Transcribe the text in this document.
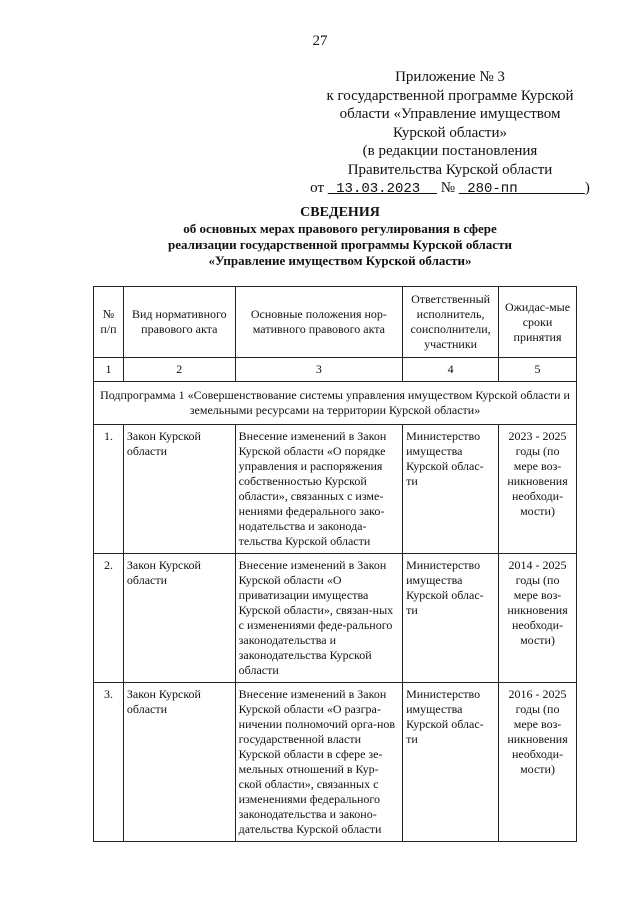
27
Приложение № 3
к государственной программе Курской
области «Управление имуществом
Курской области»
(в редакции постановления
Правительства Курской области
от 13.03.2023 № 280-пп	)
СВЕДЕНИЯ
об основных мерах правового регулирования в сфере
реализации государственной программы Курской области
«Управление имуществом Курской области»
№ п/п	Вид нормативного правового акта	Основные положения нор-мативного правового акта	Ответственный исполнитель, соисполнители, участники	Ожидас-мые сроки принятия
1	2	3	4	5
Подпрограмма 1 «Совершенствование системы управления имуществом Курской области и земельными ресурсами на территории Курской области»				
1.	Закон Курской области	Внесение изменений в Закон Курской области «О порядке управления и распоряжения собственностью Курской области», связанных с изме-нениями федерального зако-нодательства и законода-тельства Курской области	Министерство имущества Курской облас-ти	2023 - 2025 годы (по мере воз-никновения необходи-мости)
2.	Закон Курской области	Внесение изменений в Закон Курской области «О приватизации имущества Курской области», связан-ных с изменениями феде-рального законодательства и законодательства Курской области	Министерство имущества Курской облас-ти	2014 - 2025 годы (по мере воз-никновения необходи-мости)
3.	Закон Курской области	Внесение изменений в Закон Курской области «О разгра-ничении полномочий орга-нов государственной власти Курской области в сфере зе-мельных отношений в Кур-ской области», связанных с изменениями федерального законодательства и законо-дательства Курской области	Министерство имущества Курской облас-ти	2016 - 2025 годы (по мере воз-никновения необходи-мости)
